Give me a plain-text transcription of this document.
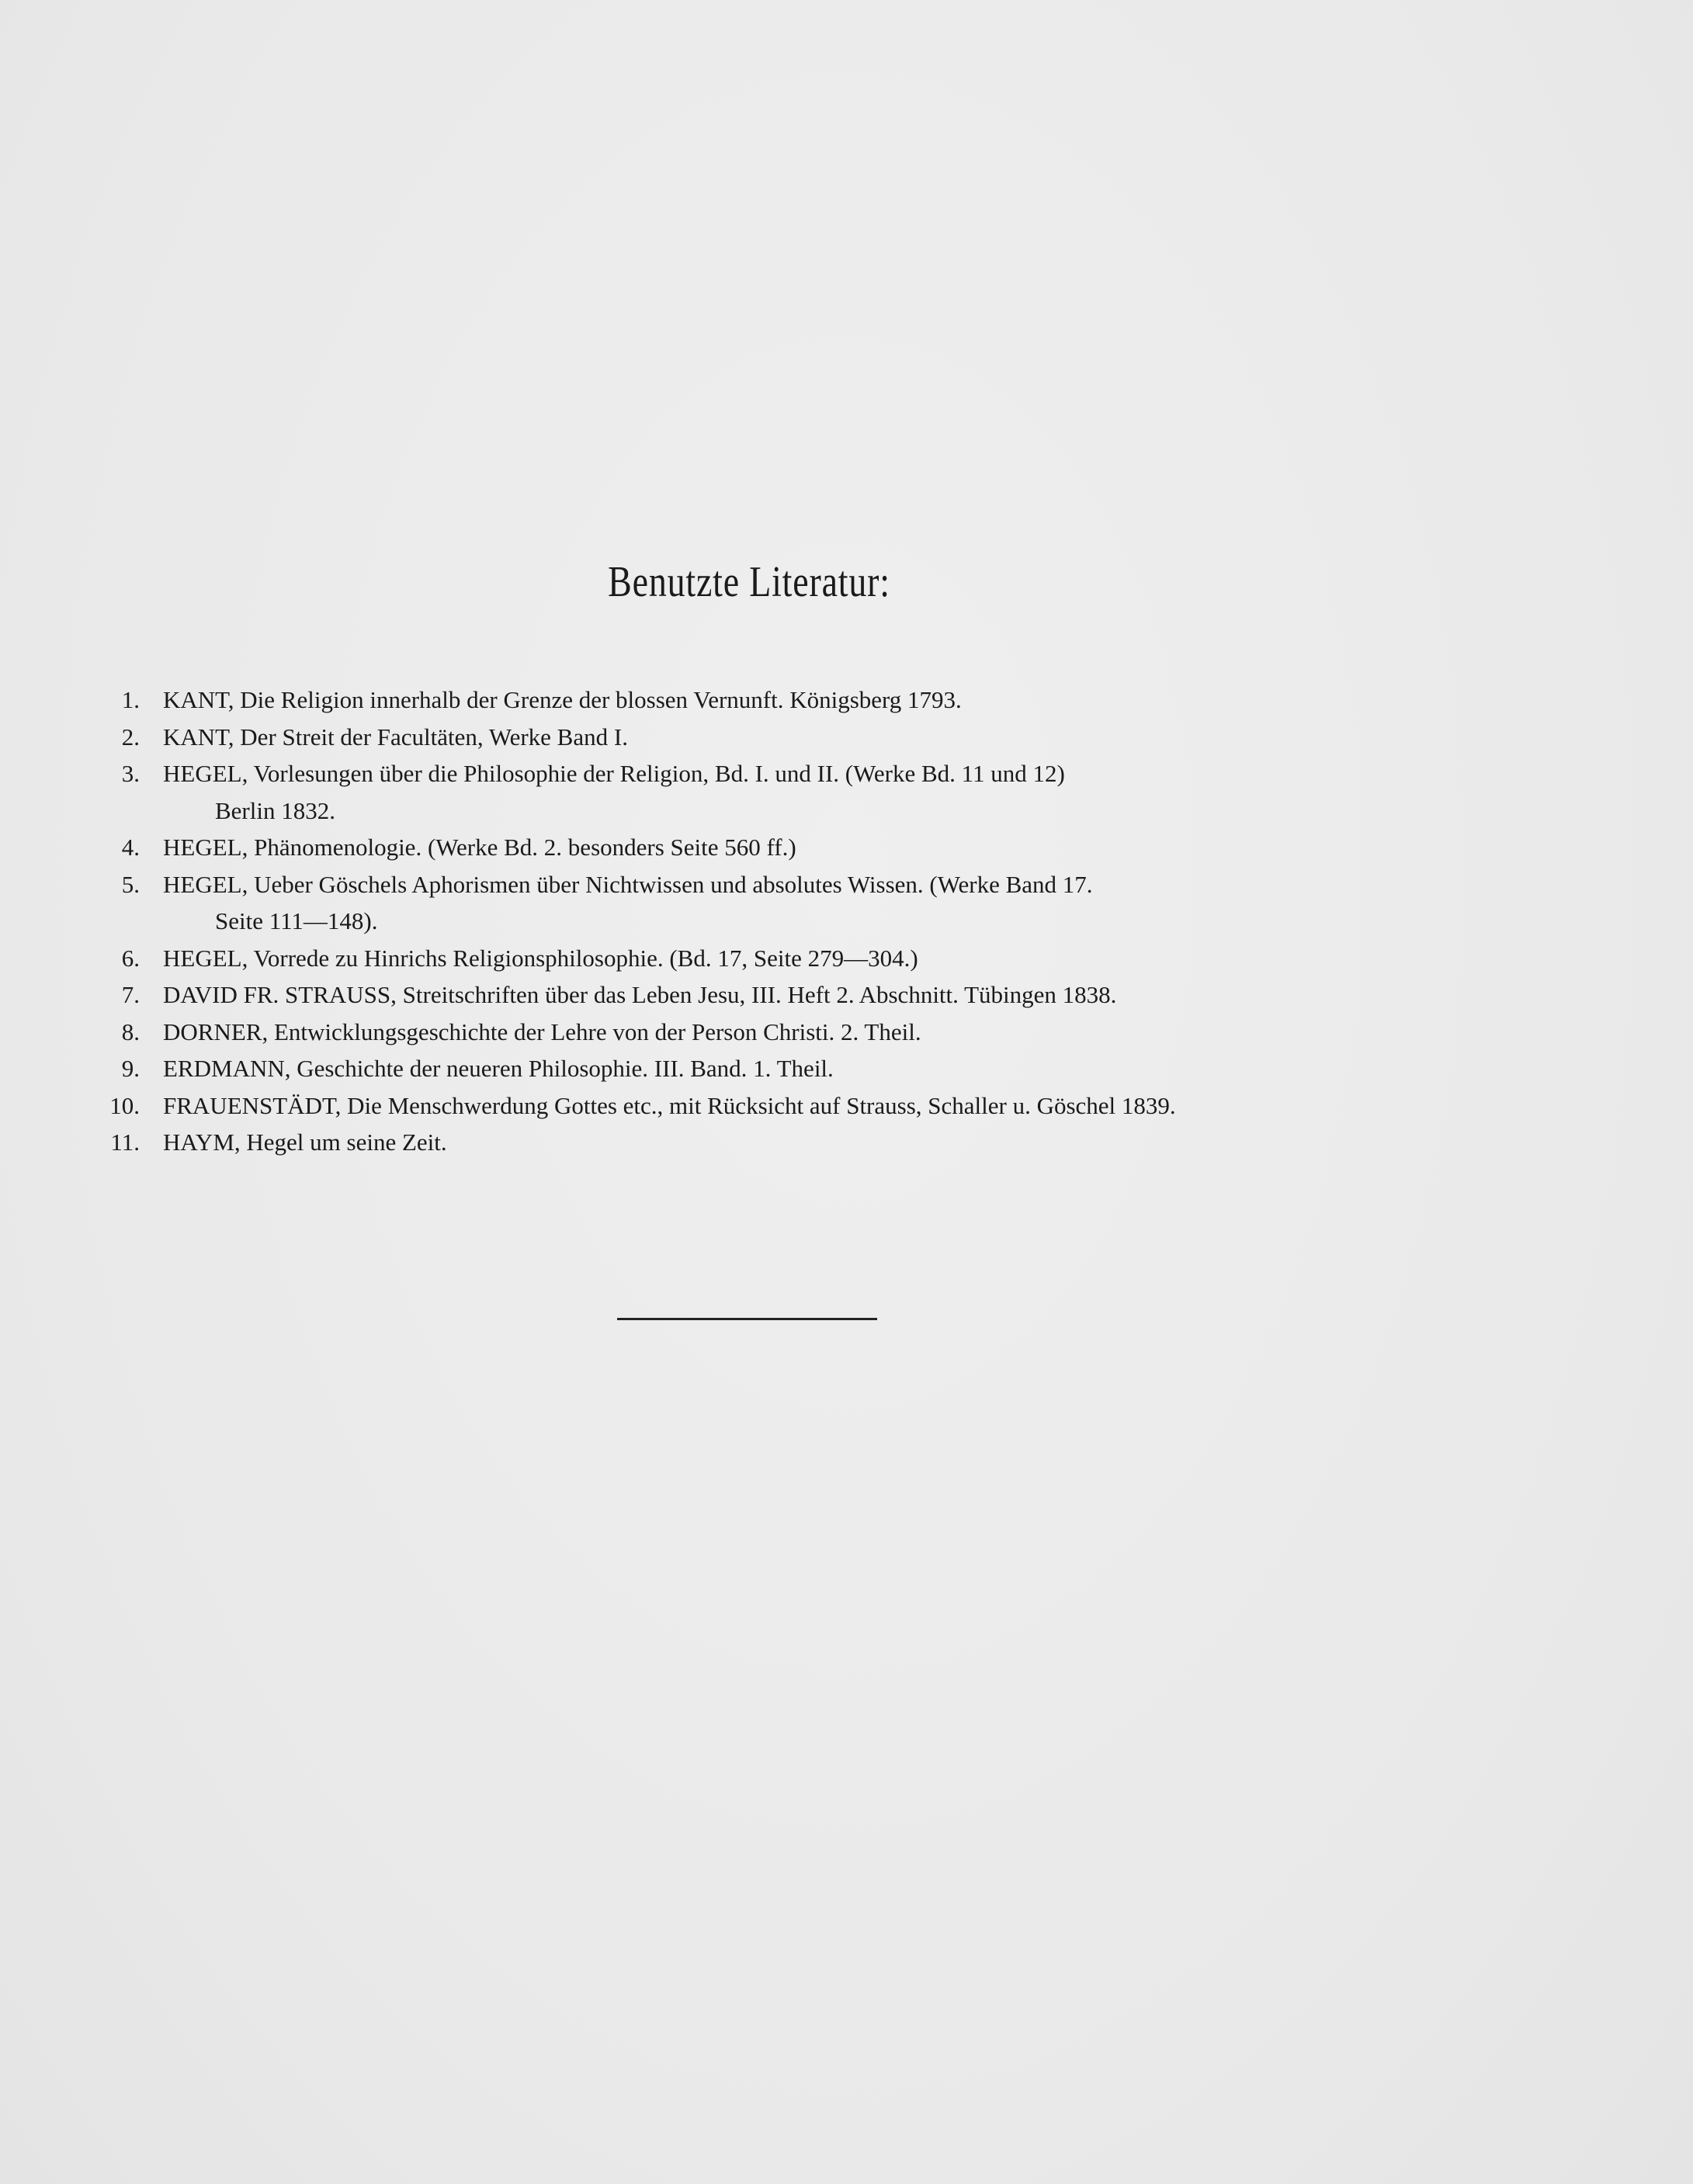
Benutzte Literatur:
1. KANT, Die Religion innerhalb der Grenze der blossen Vernunft. Königsberg 1793.
2. KANT, Der Streit der Facultäten, Werke Band I.
3. HEGEL, Vorlesungen über die Philosophie der Religion, Bd. I. und II. (Werke Bd. 11 und 12)
Berlin 1832.
4. HEGEL, Phänomenologie. (Werke Bd. 2. besonders Seite 560 ff.)
5. HEGEL, Ueber Göschels Aphorismen über Nichtwissen und absolutes Wissen. (Werke Band 17.
Seite 111—148).
6. HEGEL, Vorrede zu Hinrichs Religionsphilosophie. (Bd. 17, Seite 279—304.)
7. DAVID FR. STRAUSS, Streitschriften über das Leben Jesu, III. Heft 2. Abschnitt. Tübingen 1838.
8. DORNER, Entwicklungsgeschichte der Lehre von der Person Christi. 2. Theil.
9. ERDMANN, Geschichte der neueren Philosophie. III. Band. 1. Theil.
10. FRAUENSTÄDT, Die Menschwerdung Gottes etc., mit Rücksicht auf Strauss, Schaller u. Göschel 1839.
11. HAYM, Hegel um seine Zeit.
